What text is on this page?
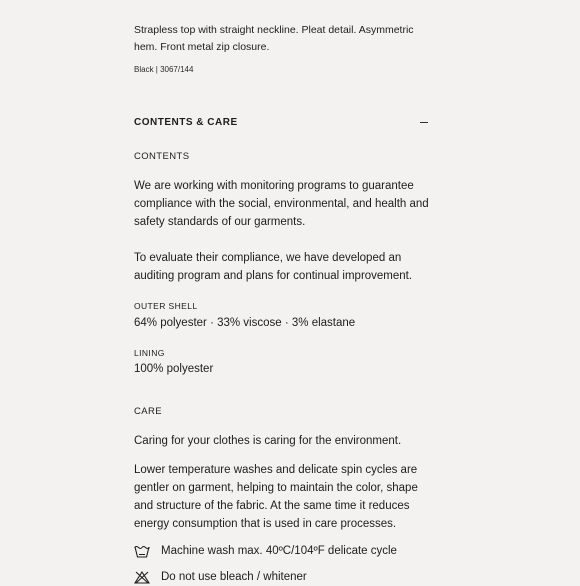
Strapless top with straight neckline. Pleat detail. Asymmetric hem. Front metal zip closure.

Black | 3067/144

CONTENTS & CARE

CONTENTS

We are working with monitoring programs to guarantee compliance with the social, environmental, and health and safety standards of our garments.

To evaluate their compliance, we have developed an auditing program and plans for continual improvement.

OUTER SHELL

64% polyester · 33% viscose · 3% elastane

LINING

100% polyester

CARE

Caring for your clothes is caring for the environment.

Lower temperature washes and delicate spin cycles are gentler on garment, helping to maintain the color, shape and structure of the fabric. At the same time it reduces energy consumption that is used in care processes.

Machine wash max. 40ºC/104ºF delicate cycle
Do not use bleach / whitener
